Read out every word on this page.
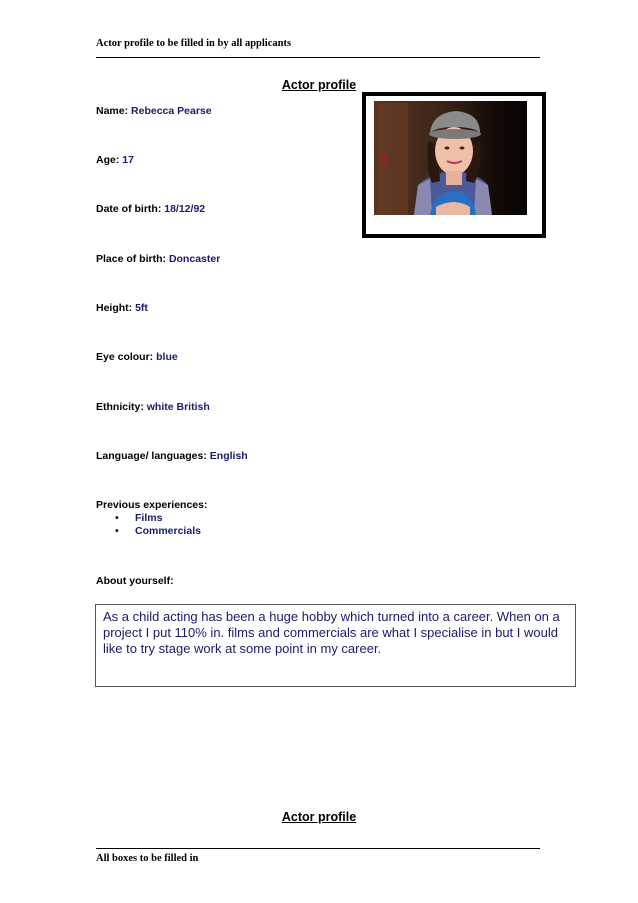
Actor profile to be filled in by all applicants
Actor profile
Name: Rebecca Pearse
Age: 17
Date of birth: 18/12/92
Place of birth: Doncaster
Height: 5ft
Eye colour: blue
Ethnicity: white British
Language/ languages: English
Previous experiences:
• Films
• Commercials
About yourself:
As a child acting has been a huge hobby which turned into a career. When on a project I put 110% in. films and commercials are what I specialise in but I would like to try stage work at some point in my career.
Actor profile
All boxes to be filled in
